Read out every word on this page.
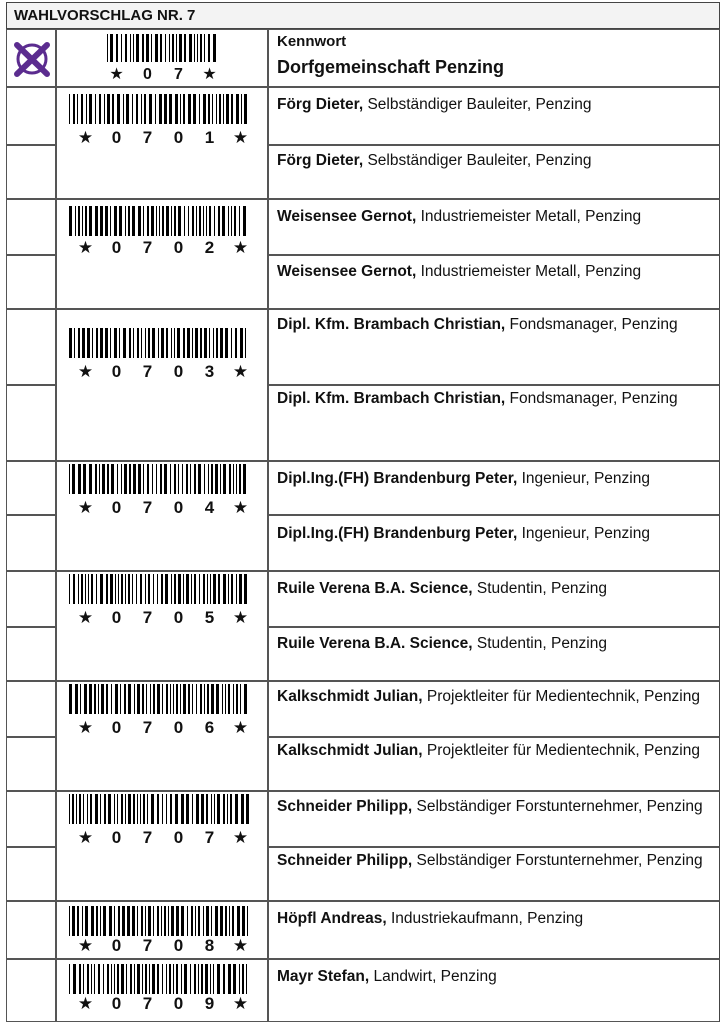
WAHLVORSCHLAG NR. 7
★ 0 7 ★
Kennwort
Dorfgemeinschaft Penzing
★ 0 7 0 1 ★
Förg Dieter, Selbständiger Bauleiter, Penzing
Förg Dieter, Selbständiger Bauleiter, Penzing
★ 0 7 0 2 ★
Weisensee Gernot, Industriemeister Metall, Penzing
Weisensee Gernot, Industriemeister Metall, Penzing
★ 0 7 0 3 ★
Dipl. Kfm. Brambach Christian, Fondsmanager, Penzing
Dipl. Kfm. Brambach Christian, Fondsmanager, Penzing
★ 0 7 0 4 ★
Dipl.Ing.(FH) Brandenburg Peter, Ingenieur, Penzing
Dipl.Ing.(FH) Brandenburg Peter, Ingenieur, Penzing
★ 0 7 0 5 ★
Ruile Verena B.A. Science, Studentin, Penzing
Ruile Verena B.A. Science, Studentin, Penzing
★ 0 7 0 6 ★
Kalkschmidt Julian, Projektleiter für Medientechnik, Penzing
Kalkschmidt Julian, Projektleiter für Medientechnik, Penzing
★ 0 7 0 7 ★
Schneider Philipp, Selbständiger Forstunternehmer, Penzing
Schneider Philipp, Selbständiger Forstunternehmer, Penzing
★ 0 7 0 8 ★
Höpfl Andreas, Industriekaufmann, Penzing
★ 0 7 0 9 ★
Mayr Stefan, Landwirt, Penzing
